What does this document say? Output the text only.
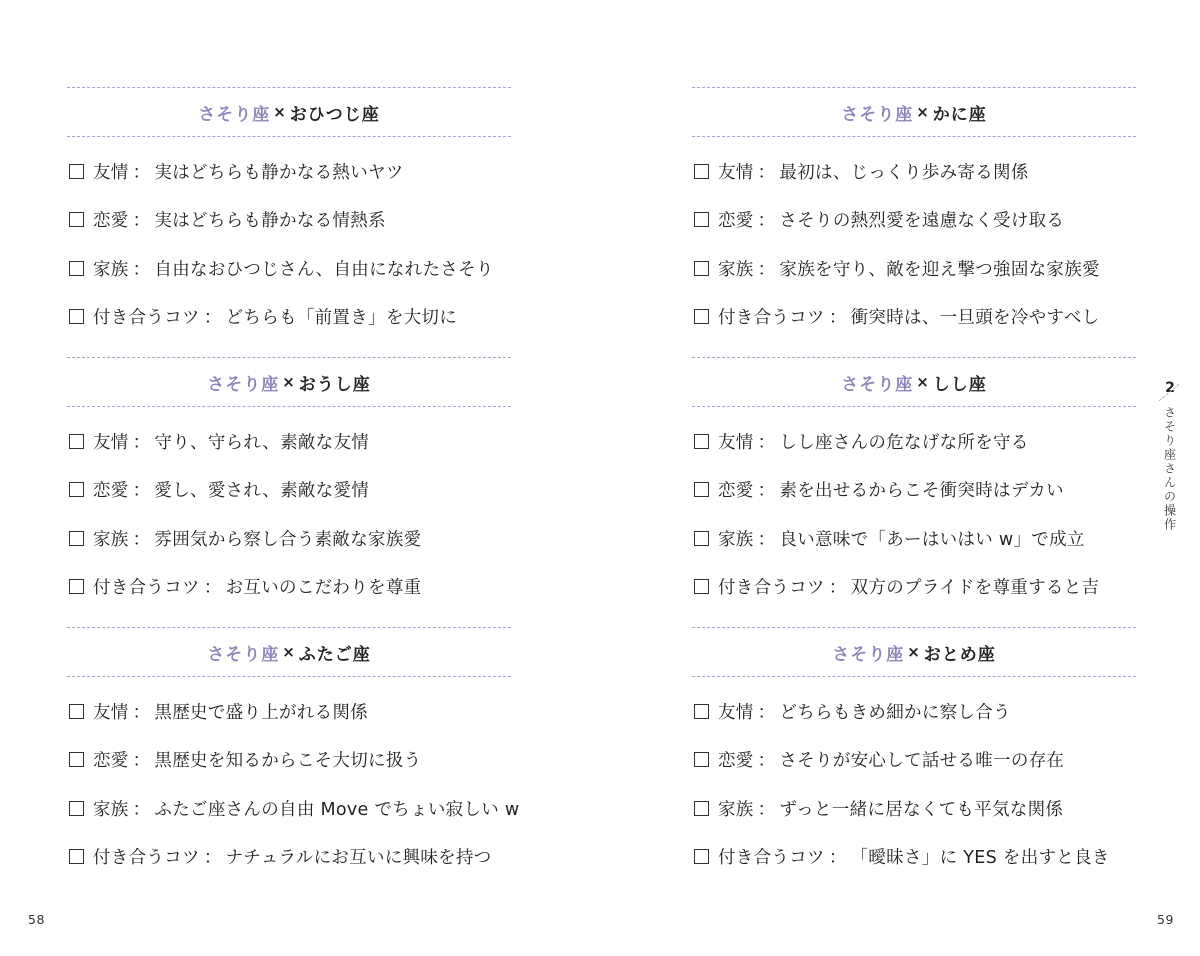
さそり座 × おひつじ座
友情 ： 実はどちらも静かなる熱いヤツ
恋愛 ： 実はどちらも静かなる情熱系
家族 ： 自由なおひつじさん、自由になれたさそり
付き合うコツ ： どちらも「前置き」を大切に
さそり座 × おうし座
友情 ： 守り、守られ、素敵な友情
恋愛 ： 愛し、愛され、素敵な愛情
家族 ： 雰囲気から察し合う素敵な家族愛
付き合うコツ ： お互いのこだわりを尊重
さそり座 × ふたご座
友情 ： 黒歴史で盛り上がれる関係
恋愛 ： 黒歴史を知るからこそ大切に扱う
家族 ： ふたご座さんの自由 Move でちょい寂しい w
付き合うコツ ： ナチュラルにお互いに興味を持つ
58
さそり座 × かに座
友情 ： 最初は、じっくり歩み寄る関係
恋愛 ： さそりの熱烈愛を遠慮なく受け取る
家族 ： 家族を守り、敵を迎え撃つ強固な家族愛
付き合うコツ ： 衝突時は、一旦頭を冷やすべし
さそり座 × しし座
友情 ： しし座さんの危なげな所を守る
恋愛 ： 素を出せるからこそ衝突時はデカい
家族 ： 良い意味で「あーはいはい w」で成立
付き合うコツ ： 双方のプライドを尊重すると吉
さそり座 × おとめ座
友情 ： どちらもきめ細かに察し合う
恋愛 ： さそりが安心して話せる唯一の存在
家族 ： ずっと一緒に居なくても平気な関係
付き合うコツ ： 「曖昧さ」に YES を出すと良き
2
さそり座さんの操作
59
